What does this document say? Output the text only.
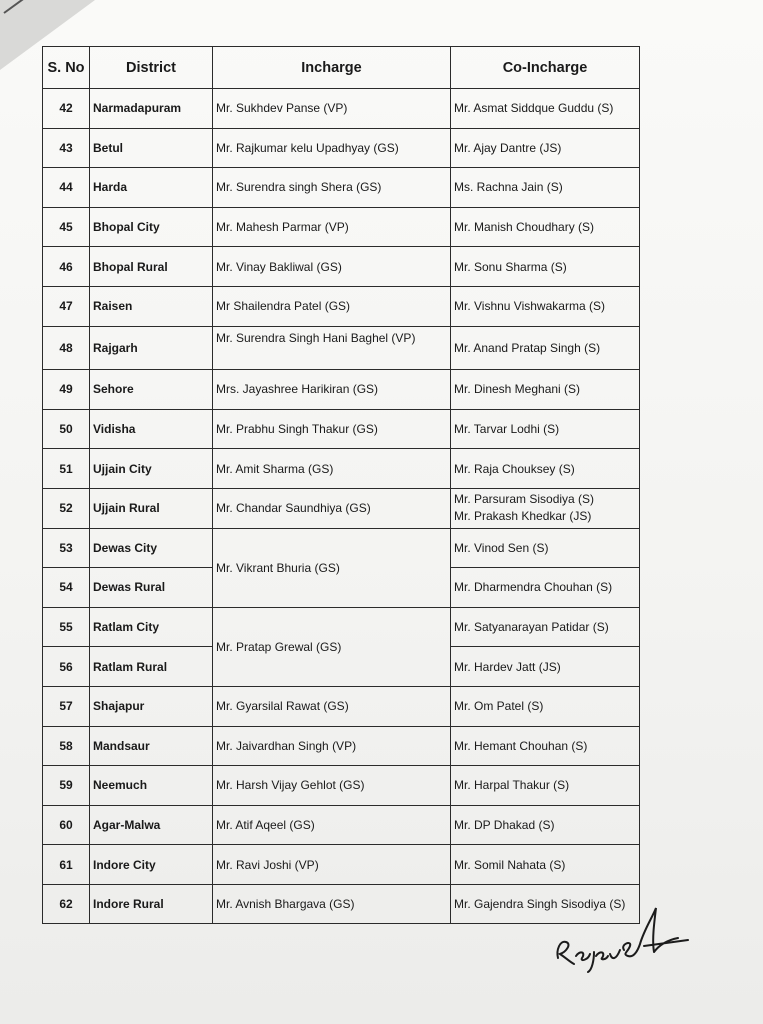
S. No	District	Incharge	Co-Incharge
42	Narmadapuram	Mr. Sukhdev Panse (VP)	Mr. Asmat Siddque Guddu (S)
43	Betul	Mr. Rajkumar kelu Upadhyay (GS)	Mr. Ajay Dantre (JS)
44	Harda	Mr. Surendra singh Shera (GS)	Ms. Rachna Jain (S)
45	Bhopal City	Mr. Mahesh Parmar (VP)	Mr. Manish Choudhary (S)
46	Bhopal Rural	Mr. Vinay Bakliwal (GS)	Mr. Sonu Sharma (S)
47	Raisen	Mr Shailendra Patel (GS)	Mr. Vishnu Vishwakarma (S)
48	Rajgarh	Mr. Surendra Singh Hani Baghel (VP)	Mr. Anand Pratap Singh (S)
49	Sehore	Mrs. Jayashree Harikiran (GS)	Mr. Dinesh Meghani (S)
50	Vidisha	Mr. Prabhu Singh Thakur (GS)	Mr. Tarvar Lodhi (S)
51	Ujjain City	Mr. Amit Sharma (GS)	Mr. Raja Chouksey (S)
52	Ujjain Rural	Mr. Chandar Saundhiya (GS)	Mr. Parsuram Sisodiya (S)
Mr. Prakash Khedkar (JS)

53	Dewas City	Mr. Vikrant Bhuria (GS)	Mr. Vinod Sen (S)
54	Dewas Rural		Mr. Dharmendra Chouhan (S)
55	Ratlam City	Mr. Pratap Grewal (GS)	Mr. Satyanarayan Patidar (S)
56	Ratlam Rural		Mr. Hardev Jatt (JS)
57	Shajapur	Mr. Gyarsilal Rawat (GS)	Mr. Om Patel (S)
58	Mandsaur	Mr. Jaivardhan Singh (VP)	Mr. Hemant Chouhan (S)
59	Neemuch	Mr. Harsh Vijay Gehlot (GS)	Mr. Harpal Thakur (S)
60	Agar-Malwa	Mr. Atif Aqeel (GS)	Mr. DP Dhakad (S)
61	Indore City	Mr. Ravi Joshi (VP)	Mr. Somil Nahata (S)
62	Indore Rural	Mr. Avnish Bhargava (GS)	Mr. Gajendra Singh Sisodiya (S)
